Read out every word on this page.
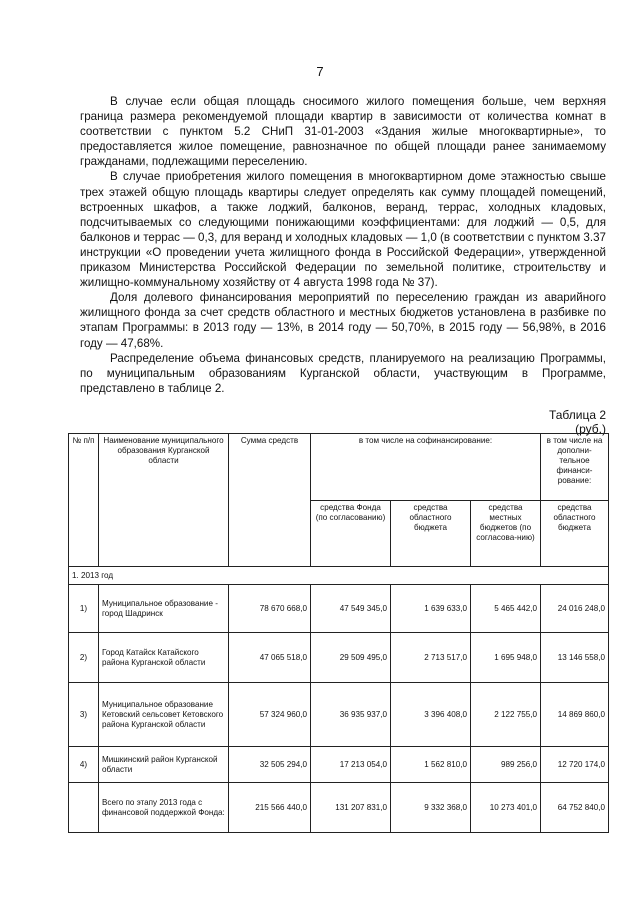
7

В случае если общая площадь сносимого жилого помещения больше, чем верхняя граница размера рекомендуемой площади квартир в зависимости от количества комнат в соответствии с пунктом 5.2 СНиП 31-01-2003 «Здания жилые многоквартирные», то предоставляется жилое помещение, равнозначное по общей площади ранее занимаемому гражданами, подлежащими переселению.

В случае приобретения жилого помещения в многоквартирном доме этажностью свыше трех этажей общую площадь квартиры следует определять как сумму площадей помещений, встроенных шкафов, а также лоджий, балконов, веранд, террас, холодных кладовых, подсчитываемых со следующими понижающими коэффициентами: для лоджий — 0,5, для балконов и террас — 0,3, для веранд и холодных кладовых — 1,0 (в соответствии с пунктом 3.37 инструкции «О проведении учета жилищного фонда в Российской Федерации», утвержденной приказом Министерства Российской Федерации по земельной политике, строительству и жилищно-коммунальному хозяйству от 4 августа 1998 года № 37).

Доля долевого финансирования мероприятий по переселению граждан из аварийного жилищного фонда за счет средств областного и местных бюджетов установлена в разбивке по этапам Программы: в 2013 году — 13%, в 2014 году — 50,70%, в 2015 году — 56,98%, в 2016 году — 47,68%.

Распределение объема финансовых средств, планируемого на реализацию Программы, по муниципальным образованиям Курганской области, участвующим в Программе, представлено в таблице 2.

Таблица 2
(руб.)
№ п/п	Наименование муниципального образования Курганской области	Сумма средств	в том числе на софинансирование:			в том числе на дополни-тельное финанси-рование:
			средства Фонда (по согласованию)	средства областного бюджета	средства местных бюджетов (по согласова-нию)	средства областного бюджета
1. 2013 год						
1)	Муниципальное образование - город Шадринск	78 670 668,0	47 549 345,0	1 639 633,0	5 465 442,0	24 016 248,0
2)	Город Катайск Катайского района Курганской области	47 065 518,0	29 509 495,0	2 713 517,0	1 695 948,0	13 146 558,0
3)	Муниципальное образование Кетовский сельсовет Кетовского района Курганской области	57 324 960,0	36 935 937,0	3 396 408,0	2 122 755,0	14 869 860,0
4)	Мишкинский район Курганской области	32 505 294,0	17 213 054,0	1 562 810,0	989 256,0	12 720 174,0
	Всего по этапу 2013 года с финансовой поддержкой Фонда:	215 566 440,0	131 207 831,0	9 332 368,0	10 273 401,0	64 752 840,0
